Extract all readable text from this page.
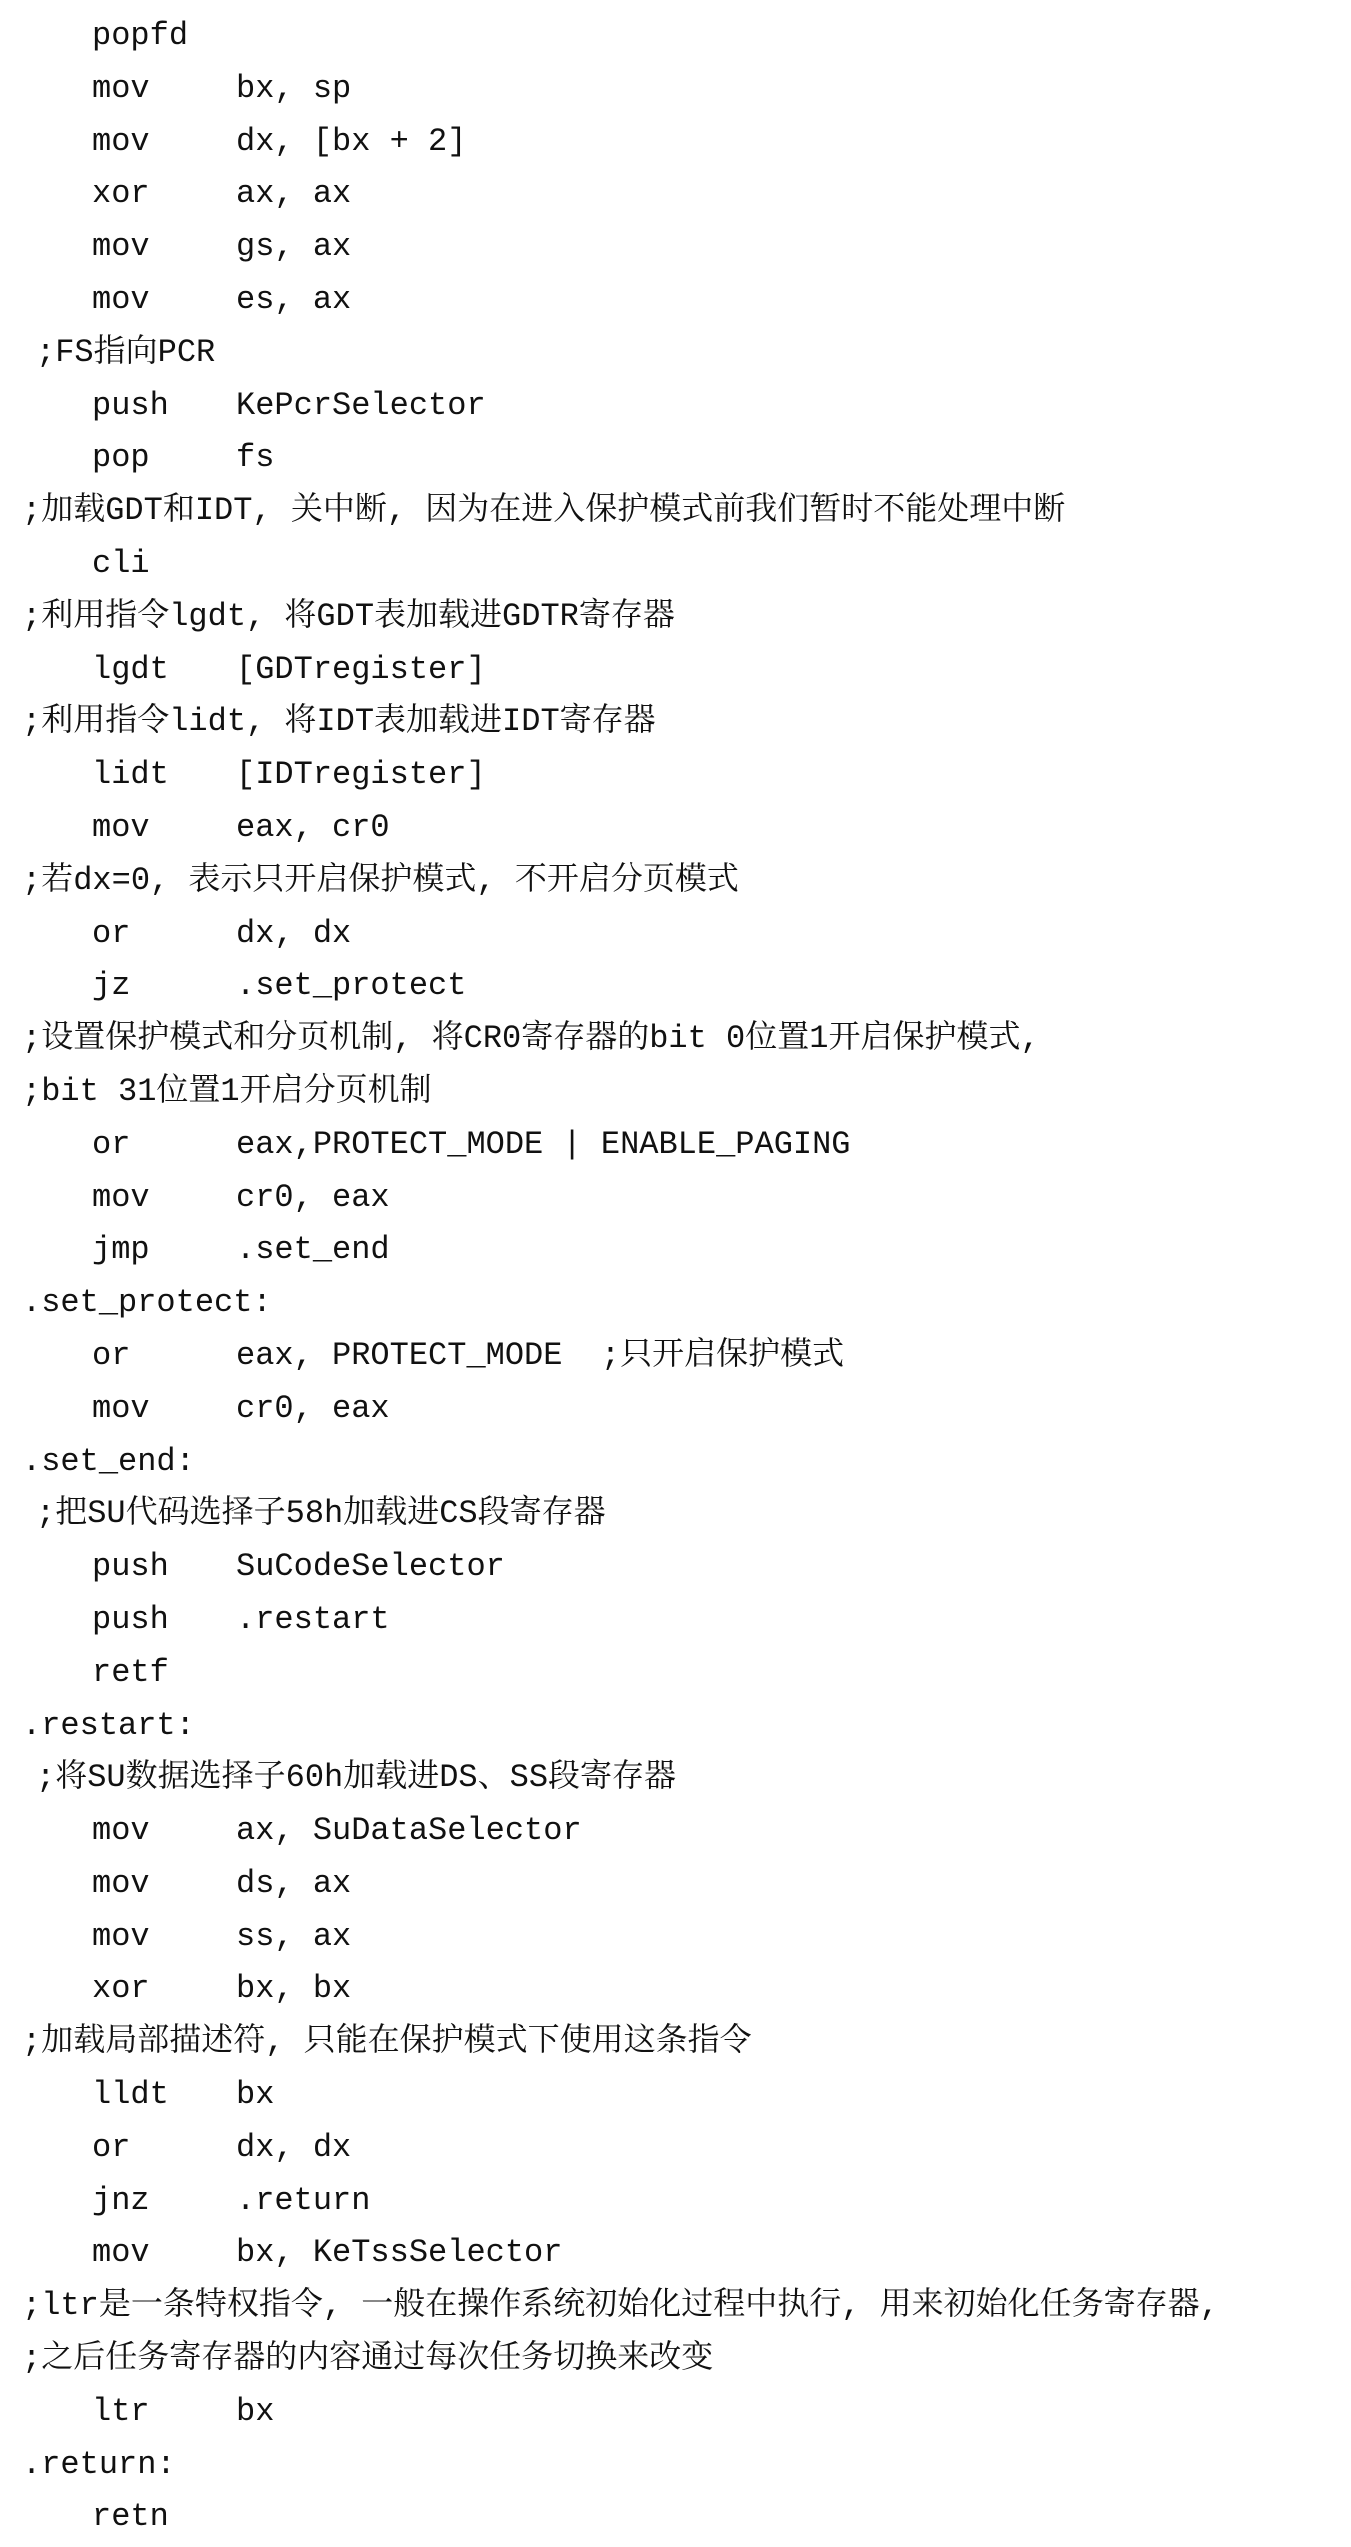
popfd
mov	bx, sp
mov	dx, [bx + 2]
xor	ax, ax
mov	gs, ax
mov	es, ax
;FS指向PCR
push KePcrSelector
pop	fs
;加载GDT和IDT, 关中断, 因为在进入保护模式前我们暂时不能处理中断
cli
;利用指令lgdt, 将GDT表加载进GDTR寄存器
lgdt [GDTregister]
;利用指令lidt, 将IDT表加载进IDT寄存器
lidt [IDTregister]
mov	eax, cr0
;若dx=0, 表示只开启保护模式, 不开启分页模式
or	dx, dx
jz	.set_protect
;设置保护模式和分页机制, 将CR0寄存器的bit 0位置1开启保护模式,
;bit 31位置1开启分页机制
or	eax,PROTECT_MODE | ENABLE_PAGING
mov	cr0, eax
jmp	.set_end
.set_protect:
or	eax, PROTECT_MODE  ;只开启保护模式
mov	cr0, eax
.set_end:
;把SU代码选择子58h加载进CS段寄存器
push SuCodeSelector
push .restart
retf
.restart:
;将SU数据选择子60h加载进DS、SS段寄存器
mov	ax, SuDataSelector
mov	ds, ax
mov	ss, ax
xor	bx, bx
;加载局部描述符, 只能在保护模式下使用这条指令
lldt bx
or	dx, dx
jnz	.return
mov	bx, KeTssSelector
;ltr是一条特权指令, 一般在操作系统初始化过程中执行, 用来初始化任务寄存器,
;之后任务寄存器的内容通过每次任务切换来改变
ltr	bx
.return:
retn
